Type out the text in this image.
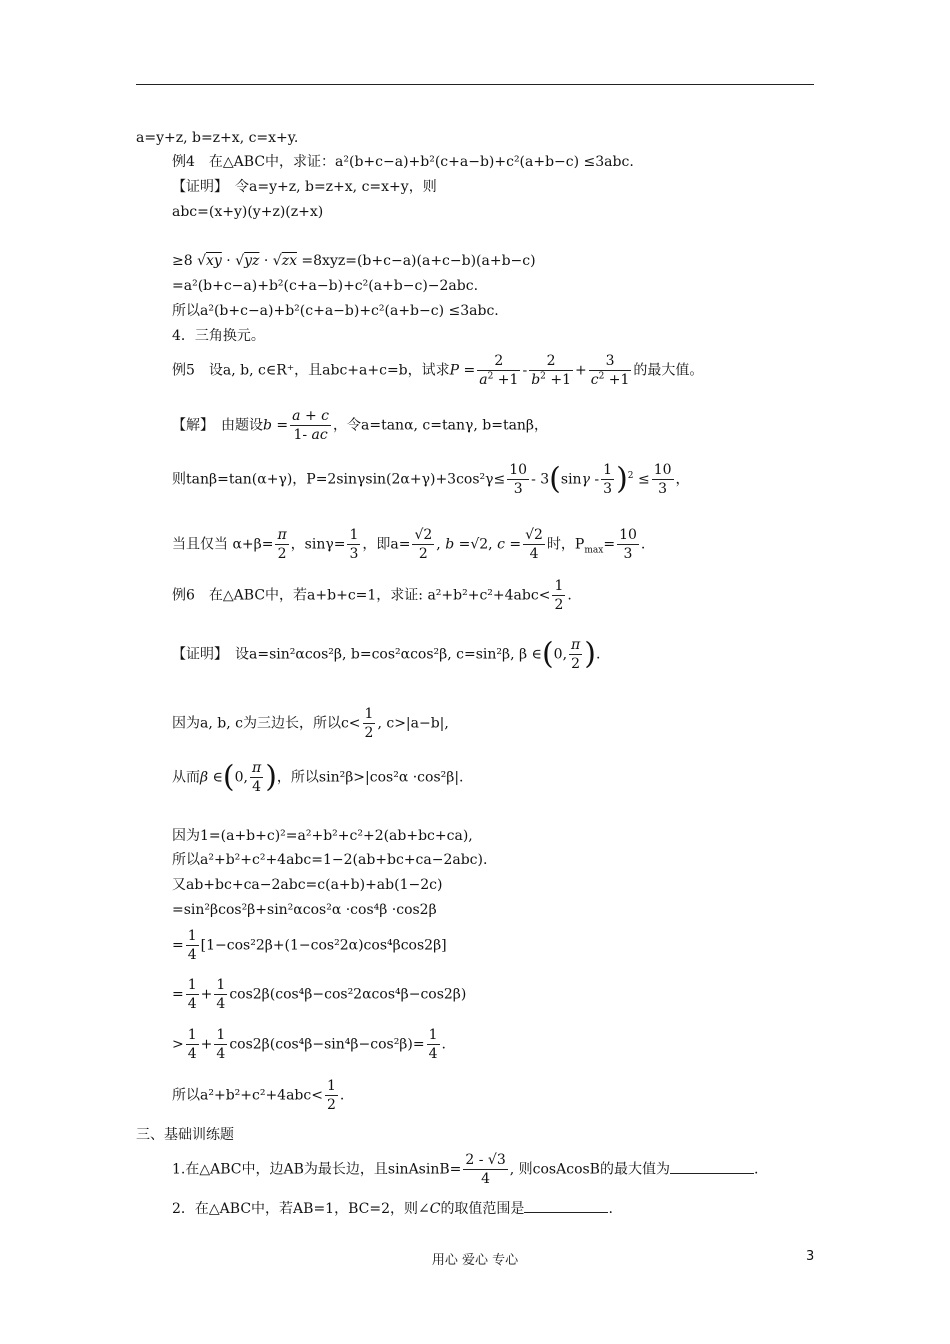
a=y+z, b=z+x, c=x+y.
例4　在△ABC中，求证：a²(b+c−a)+b²(c+a−b)+c²(a+b−c) ≤3abc.
【证明】　令a=y+z, b=z+x, c=x+y，则
abc=(x+y)(y+z)(z+x)
≥8 √xy · √yz · √zx =8xyz=(b+c−a)(a+c−b)(a+b−c)
=a²(b+c−a)+b²(c+a−b)+c²(a+b−c)−2abc.
所以a²(b+c−a)+b²(c+a−b)+c²(a+b−c) ≤3abc.
4．三角换元。
例5　设a, b, c∈R⁺，且abc+a+c=b，试求$P = \frac{2}{a^2 +1} - \frac{2}{b^2 +1} + \frac{3}{c^2 +1}$ 的最大值。
【解】　由题设$b = \frac{a + c}{1- ac}$ ，令a=tanα, c=tanγ, b=tanβ，
则tanβ=tan(α+γ)，$P=2\sin\gamma\sin(2\alpha+\gamma)+3\cos^2\gamma\le \frac{10}{3} - 3(\sin\gamma - \frac{1}{3} )^2 \le \frac{10}{3}$ ，
当且仅当 $\alpha+\beta= \frac{\pi}{2}$ ，$\sin\gamma= \frac{1}{3}$ ，即$a= \frac{√2}{2}$ , b =√2, $c = \frac{√2}{4}$ 时，$P_{max}= \frac{10}{3}$ .
例6　在△ABC中，若a+b+c=1，求证: $a^2+b^2+c^2+4abc< \frac{1}{2}$ .
【证明】　设a=sin²αcos²β, b=cos²αcos²β, c=sin²β, β ∈(0, $\frac{\pi}{2}$ ).
因为a, b, c为三边长，所以$c< \frac{1}{2}$ , c>|a−b|,
从而β ∈(0, $\frac{\pi}{4}$ )，所以sin²β>|cos²α ·cos²β|.
因为1=(a+b+c)²=a²+b²+c²+2(ab+bc+ca),
所以a²+b²+c²+4abc=1−2(ab+bc+ca−2abc).
又ab+bc+ca−2abc=c(a+b)+ab(1−2c)
=sin²βcos²β+sin²αcos²α ·cos⁴β ·cos2β
= $\frac{1}{4} [1-\cos^22\beta+(1-\cos^22\alpha)\cos^4\beta\cos 2\beta]$
= $\frac{1}{4} + \frac{1}{4} \cos 2\beta(\cos^4\beta-\cos^22\alpha\cos^4\beta-\cos 2\beta)$
> $\frac{1}{4} + \frac{1}{4} \cos 2\beta(\cos^4\beta-\sin^4\beta-\cos^2\beta)= \frac{1}{4}$ .
所以$a^2+b^2+c^2+4abc< \frac{1}{2}$ .
三、基础训练题
1.在△ABC中，边AB为最长边，且sinAsinB= $\frac{2 - √3}{4}$ , 则cosAcosB的最大值为	.
2．在△ABC中，若AB=1，BC=2，则∠C的取值范围是	.
用心 爱心 专心	3
